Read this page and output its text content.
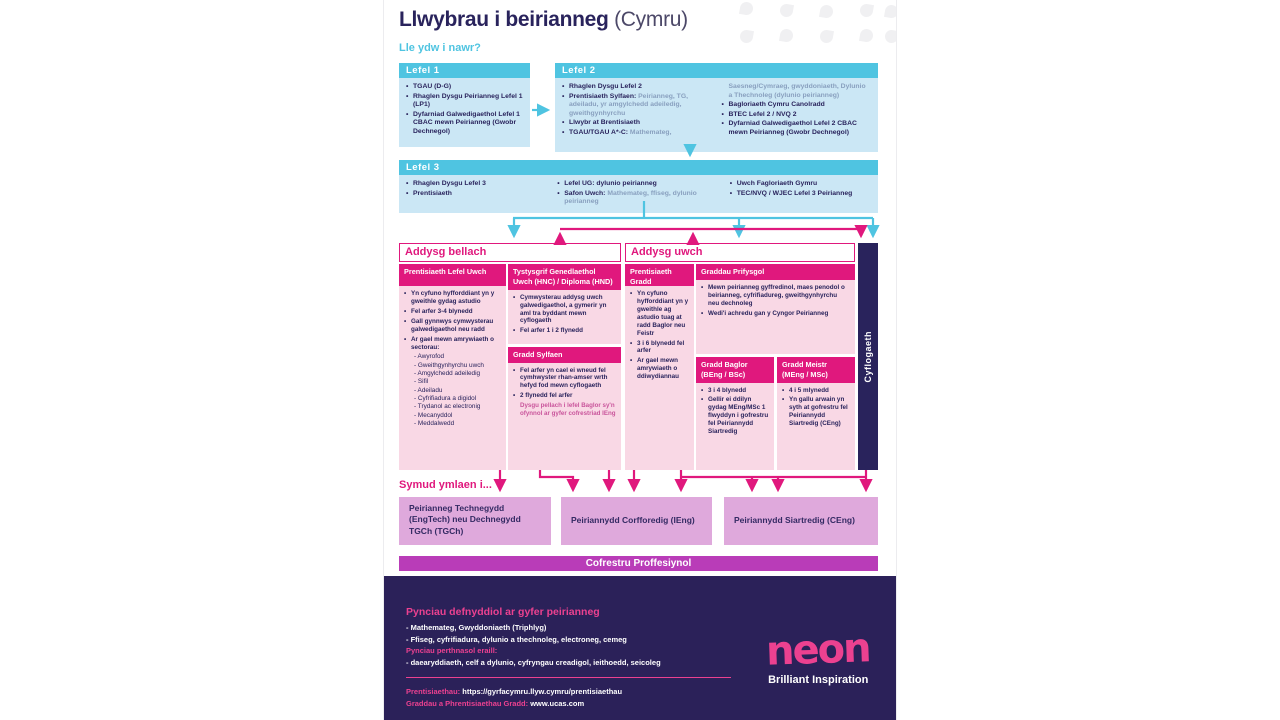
Llwybrau i beirianneg (Cymru)
Lle ydw i nawr?
Lefel 1
• TGAU (D-G)
• Rhaglen Dysgu Peirianneg Lefel 1 (LP1)
• Dyfarniad Galwedigaethol Lefel 1 CBAC mewn Peirianneg (Gwobr Dechnegol)
Lefel 2
• Rhaglen Dysgu Lefel 2
• Prentisiaeth Sylfaen: Peirianneg, TG, adeiladu, yr amgylchedd adeiledig, gweithgynhyrchu
• Llwybr at Brentisiaeth
• TGAU/TGAU A*-C: Mathemateg,
Saesneg/Cymraeg, gwyddoniaeth, Dylunio a Thechnoleg (dylunio peirianneg)
• Bagloriaeth Cymru Canolradd
• BTEC Lefel 2 / NVQ 2
• Dyfarniad Galwedigaethol Lefel 2 CBAC mewn Peirianneg (Gwobr Dechnegol)
Lefel 3
• Rhaglen Dysgu Lefel 3
• Prentisiaeth
• Lefel UG: dylunio peirianneg
• Safon Uwch: Mathemateg, ffiseg, dylunio peirianneg
• Uwch Fagloriaeth Gymru
• TEC/NVQ / WJEC Lefel 3 Peirianneg
Addysg bellach
Prentisiaeth Lefel Uwch
• Yn cyfuno hyfforddiant yn y gweithle gydag astudio
• Fel arfer 3-4 blynedd
• Gall gynnwys cymwysterau galwedigaethol neu radd
• Ar gael mewn amrywiaeth o sectorau:
- Awyrofod
- Gweithgynhyrchu uwch
- Amgylchedd adeiledig
- Sifil
- Adeiladu
- Cyfrifiadura a digidol
- Trydanol ac electronig
- Mecanyddol
- Meddalwedd
Tystysgrif Genedlaethol Uwch (HNC) / Diploma (HND)
• Cymwysterau addysg uwch galwedigaethol, a gymerir yn aml tra byddant mewn cyflogaeth
• Fel arfer 1 i 2 flynedd
Gradd Sylfaen
• Fel arfer yn cael ei wneud fel cymhwyster rhan-amser wrth hefyd fod mewn cyflogaeth
• 2 flynedd fel arfer
Dysgu pellach i lefel Baglor sy'n ofynnol ar gyfer cofrestriad IEng
Addysg uwch
Prentisiaeth Gradd
• Yn cyfuno hyfforddiant yn y gweithle ag astudio tuag at radd Baglor neu Feistr
• 3 i 6 blynedd fel arfer
• Ar gael mewn amrywiaeth o ddiwydiannau
Graddau Prifysgol
• Mewn peirianneg gyffredinol, maes penodol o beirianneg, cyfrifiadureg, gweithgynhyrchu neu dechnoleg
• Wedi'i achredu gan y Cyngor Peirianneg
Gradd Baglor (BEng / BSc)
• 3 i 4 blynedd
• Gellir ei ddilyn gydag MEng/MSc 1 flwyddyn i gofrestru fel Peiriannydd Siartredig
Gradd Meistr (MEng / MSc)
• 4 i 5 mlynedd
• Yn gallu arwain yn syth at gofrestru fel Peiriannydd Siartredig (CEng)
Cyflogaeth
Symud ymlaen i...
Peirianneg Technegydd (EngTech) neu Dechnegydd TGCh (TGCh)
Peiriannydd Corfforedig (IEng)	Peiriannydd Siartredig (CEng)
Cofrestru Proffesiynol
Pynciau defnyddiol ar gyfer peirianneg
- Mathemateg, Gwyddoniaeth (Triphlyg)
- Ffiseg, cyfrifiadura, dylunio a thechnoleg, electroneg, cemeg
Pynciau perthnasol eraill:
- daearyddiaeth, celf a dylunio, cyfryngau creadigol, ieithoedd, seicoleg
Prentisiaethau: https://gyrfacymru.llyw.cymru/prentisiaethau
Graddau a Phrentisiaethau Gradd: www.ucas.com
neon
Brilliant Inspiration
